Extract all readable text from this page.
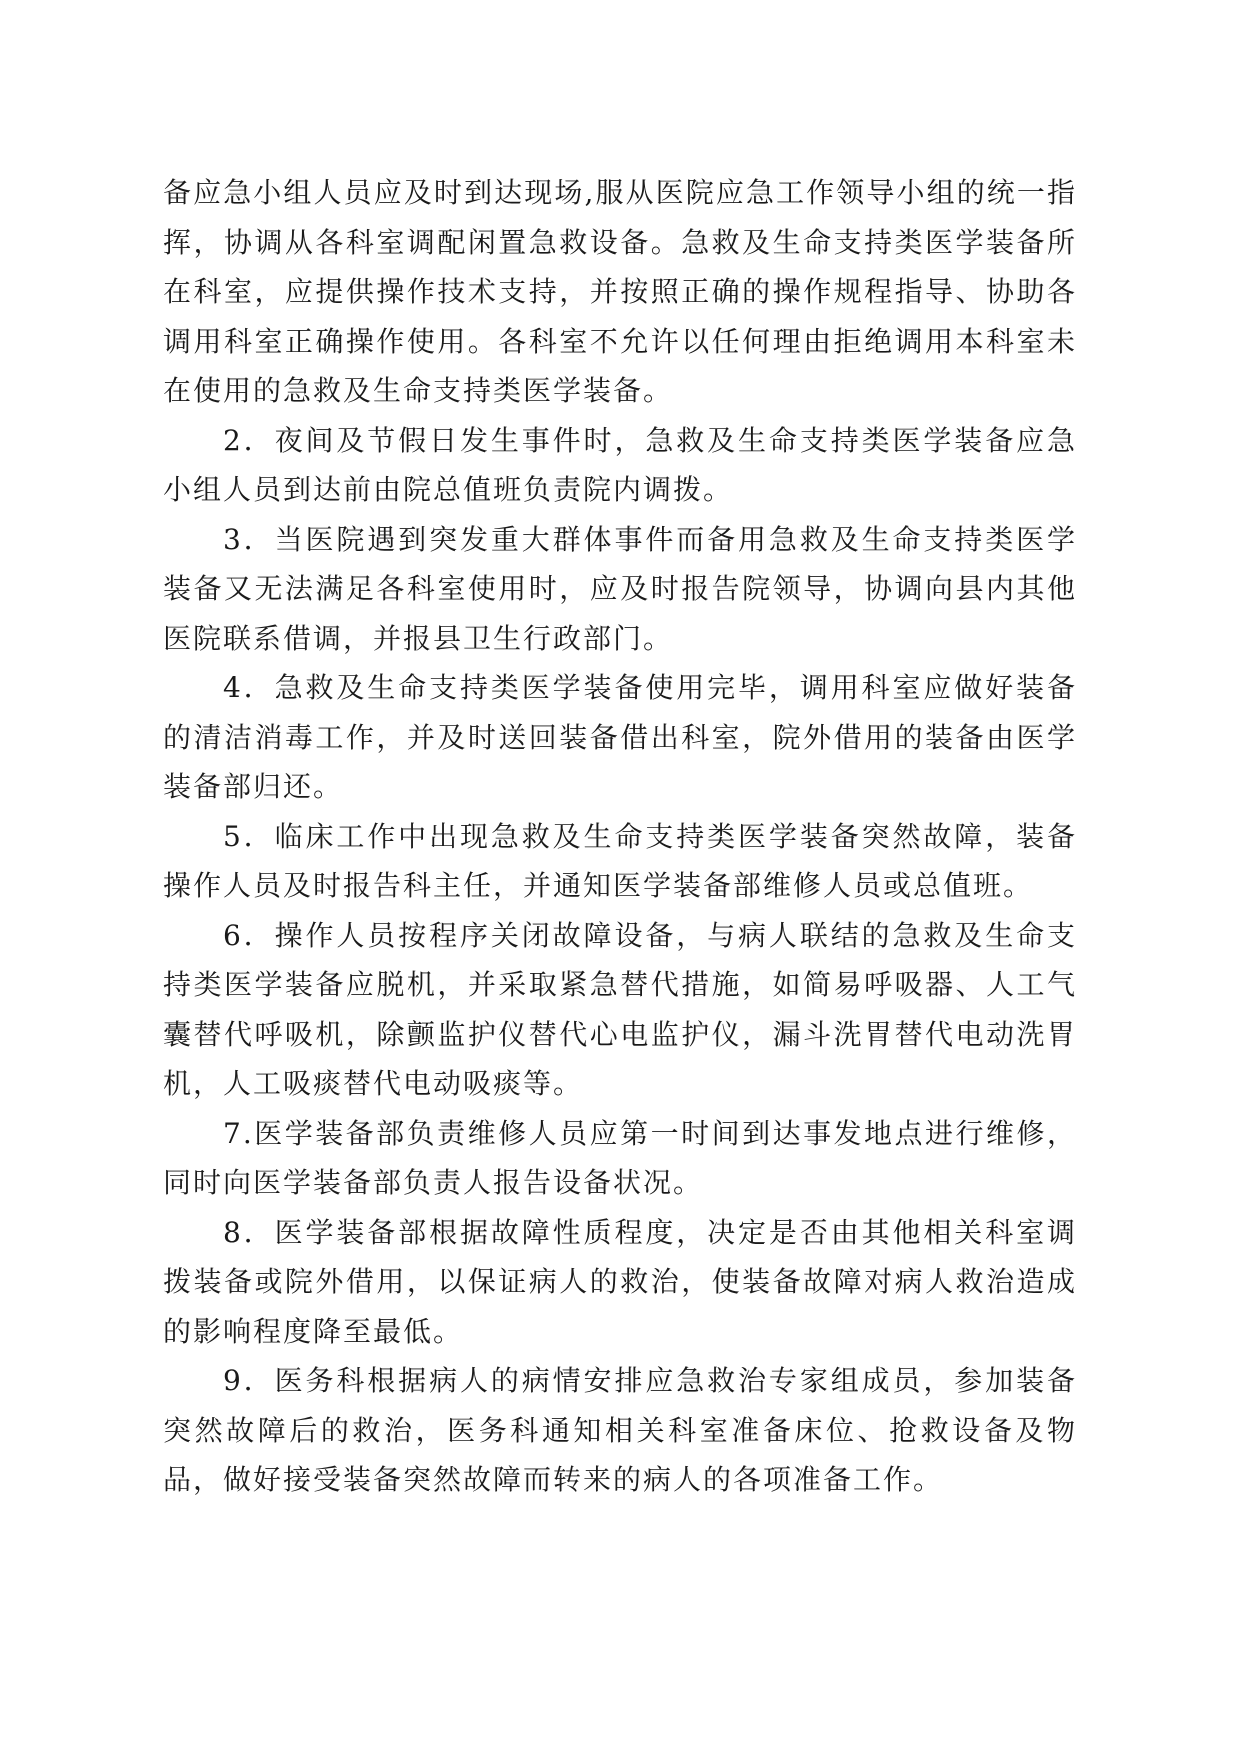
备应急小组人员应及时到达现场,服从医院应急工作领导小组的统一指挥，协调从各科室调配闲置急救设备。急救及生命支持类医学装备所在科室，应提供操作技术支持，并按照正确的操作规程指导、协助各调用科室正确操作使用。各科室不允许以任何理由拒绝调用本科室未在使用的急救及生命支持类医学装备。

2．夜间及节假日发生事件时，急救及生命支持类医学装备应急小组人员到达前由院总值班负责院内调拨。

3．当医院遇到突发重大群体事件而备用急救及生命支持类医学装备又无法满足各科室使用时，应及时报告院领导，协调向县内其他医院联系借调，并报县卫生行政部门。

4．急救及生命支持类医学装备使用完毕，调用科室应做好装备的清洁消毒工作，并及时送回装备借出科室，院外借用的装备由医学装备部归还。

5．临床工作中出现急救及生命支持类医学装备突然故障，装备操作人员及时报告科主任，并通知医学装备部维修人员或总值班。

6．操作人员按程序关闭故障设备，与病人联结的急救及生命支持类医学装备应脱机，并采取紧急替代措施，如简易呼吸器、人工气囊替代呼吸机，除颤监护仪替代心电监护仪，漏斗洗胃替代电动洗胃机，人工吸痰替代电动吸痰等。

7.医学装备部负责维修人员应第一时间到达事发地点进行维修，同时向医学装备部负责人报告设备状况。

8．医学装备部根据故障性质程度，决定是否由其他相关科室调拨装备或院外借用，以保证病人的救治，使装备故障对病人救治造成的影响程度降至最低。

9．医务科根据病人的病情安排应急救治专家组成员，参加装备突然故障后的救治，医务科通知相关科室准备床位、抢救设备及物品，做好接受装备突然故障而转来的病人的各项准备工作。
